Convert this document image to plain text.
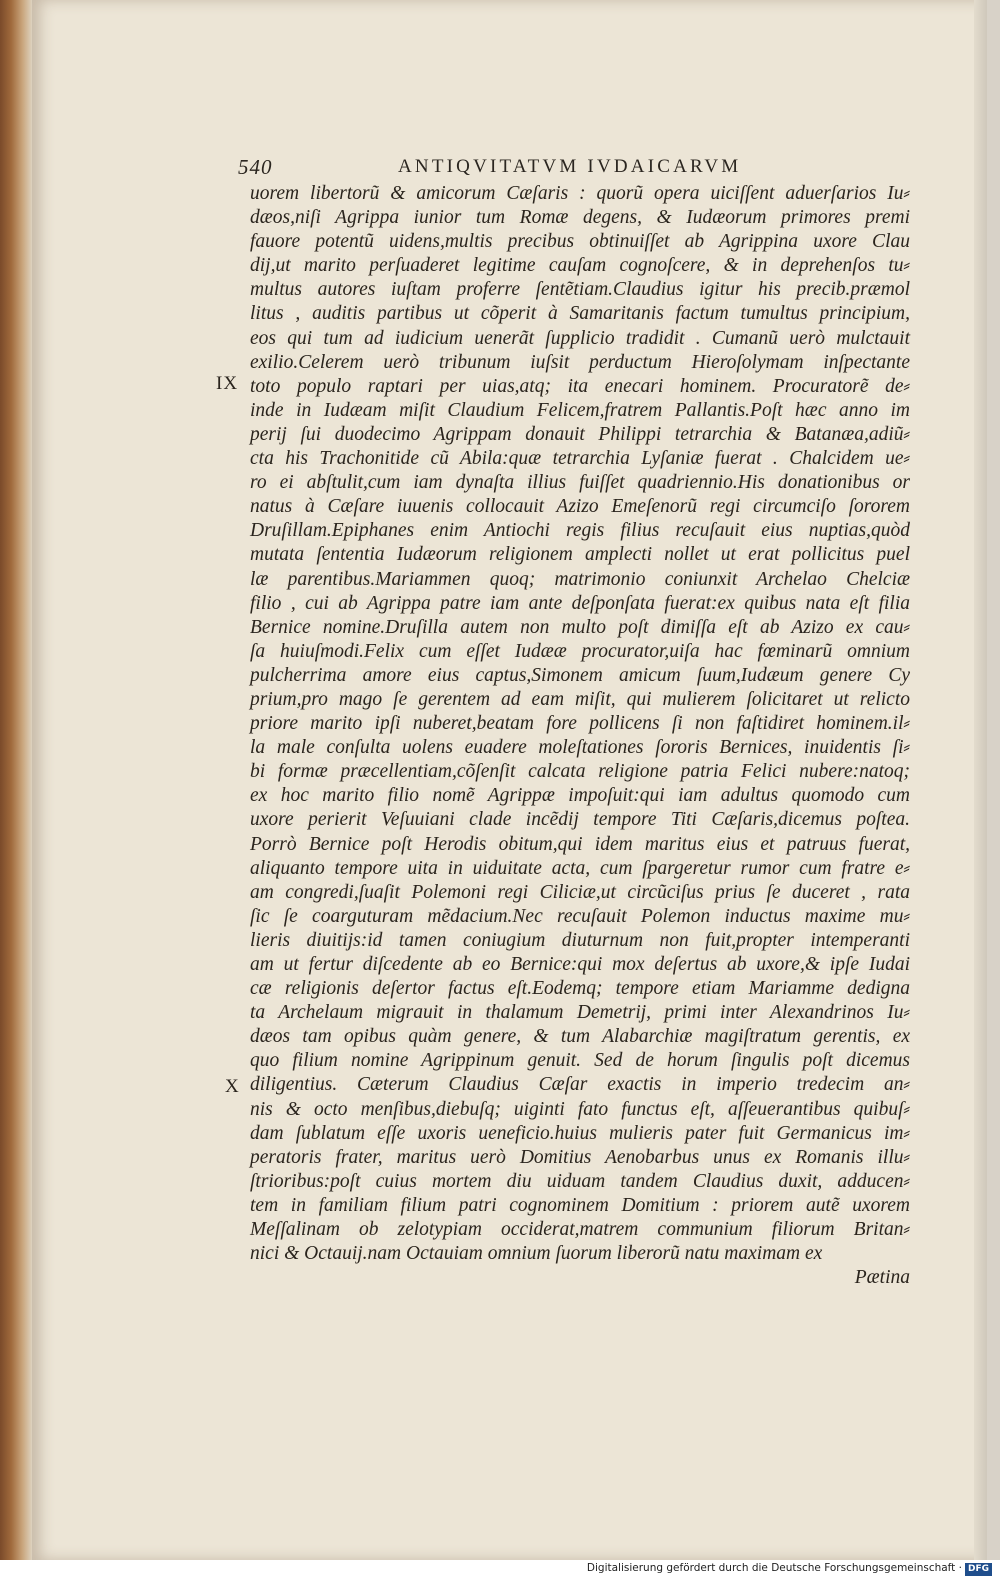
540	ANTIQVITATVM IVDAICARVM
IX
X
uorem libertorũ & amicorum Cæſaris : quorũ opera uiciſſent aduerſarios Iu⸗
dæos,niſi Agrippa iunior tum Romæ degens, & Iudæorum primores premi
fauore potentũ uidens,multis precibus obtinuiſſet ab Agrippina uxore Clau
dij,ut marito perſuaderet legitime cauſam cognoſcere, & in deprehenſos tu⸗
multus autores iuſtam proferre ſentẽtiam.Claudius igitur his precib.præmol
litus , auditis partibus ut cõperit à Samaritanis factum tumultus principium,
eos qui tum ad iudicium uenerãt ſupplicio tradidit . Cumanũ uerò mulctauit
exilio.Celerem uerò tribunum iuſsit perductum Hieroſolymam inſpectante
toto populo raptari per uias,atq; ita enecari hominem. Procuratorẽ de⸗
inde in Iudæam miſit Claudium Felicem,fratrem Pallantis.Poſt hæc anno im
perij ſui duodecimo Agrippam donauit Philippi tetrarchia & Batanæa,adiũ⸗
cta his Trachonitide cũ Abila:quæ tetrarchia Lyſaniæ fuerat . Chalcidem ue⸗
ro ei abſtulit,cum iam dynaſta illius fuiſſet quadriennio.His donationibus or
natus à Cæſare iuuenis collocauit Azizo Emeſenorũ regi circumciſo ſororem
Druſillam.Epiphanes enim Antiochi regis filius recuſauit eius nuptias,quòd
mutata ſententia Iudæorum religionem amplecti nollet ut erat pollicitus puel
læ parentibus.Mariammen quoq; matrimonio coniunxit Archelao Chelciæ
filio , cui ab Agrippa patre iam ante deſponſata fuerat:ex quibus nata eſt filia
Bernice nomine.Druſilla autem non multo poſt dimiſſa eſt ab Azizo ex cau⸗
ſa huiuſmodi.Felix cum eſſet Iudææ procurator,uiſa hac fœminarũ omnium
pulcherrima amore eius captus,Simonem amicum ſuum,Iudæum genere Cy
prium,pro mago ſe gerentem ad eam miſit, qui mulierem ſolicitaret ut relicto
priore marito ipſi nuberet,beatam fore pollicens ſi non faſtidiret hominem.il⸗
la male conſulta uolens euadere moleſtationes ſororis Bernices, inuidentis ſi⸗
bi formæ præcellentiam,cõſenſit calcata religione patria Felici nubere:natoq;
ex hoc marito filio nomẽ Agrippæ impoſuit:qui iam adultus quomodo cum
uxore perierit Veſuuiani clade incẽdij tempore Titi Cæſaris,dicemus poſtea.
Porrò Bernice poſt Herodis obitum,qui idem maritus eius et patruus fuerat,
aliquanto tempore uita in uiduitate acta, cum ſpargeretur rumor cum fratre e⸗
am congredi,ſuaſit Polemoni regi Ciliciæ,ut circũciſus prius ſe duceret , rata
ſic ſe coarguturam mẽdacium.Nec recuſauit Polemon inductus maxime mu⸗
lieris diuitijs:id tamen coniugium diuturnum non fuit,propter intemperanti
am ut fertur diſcedente ab eo Bernice:qui mox deſertus ab uxore,& ipſe Iudai
cæ religionis deſertor factus eſt.Eodemq; tempore etiam Mariamme dedigna
ta Archelaum migrauit in thalamum Demetrij, primi inter Alexandrinos Iu⸗
dæos tam opibus quàm genere, & tum Alabarchiæ magiſtratum gerentis, ex
quo filium nomine Agrippinum genuit. Sed de horum ſingulis poſt dicemus
diligentius. Cæterum Claudius Cæſar exactis in imperio tredecim an⸗
nis & octo menſibus,diebuſq; uiginti fato functus eſt, aſſeuerantibus quibuſ⸗
dam ſublatum eſſe uxoris ueneficio.huius mulieris pater fuit Germanicus im⸗
peratoris frater, maritus uerò Domitius Aenobarbus unus ex Romanis illu⸗
ſtrioribus:poſt cuius mortem diu uiduam tandem Claudius duxit, adducen⸗
tem in familiam filium patri cognominem Domitium : priorem autẽ uxorem
Meſſalinam ob zelotypiam occiderat,matrem communium filiorum Britan⸗
nici & Octauij.nam Octauiam omnium ſuorum liberorũ natu maximam ex
Pætina
Digitalisierung gefördert durch die Deutsche Forschungsgemeinschaft · DFG
